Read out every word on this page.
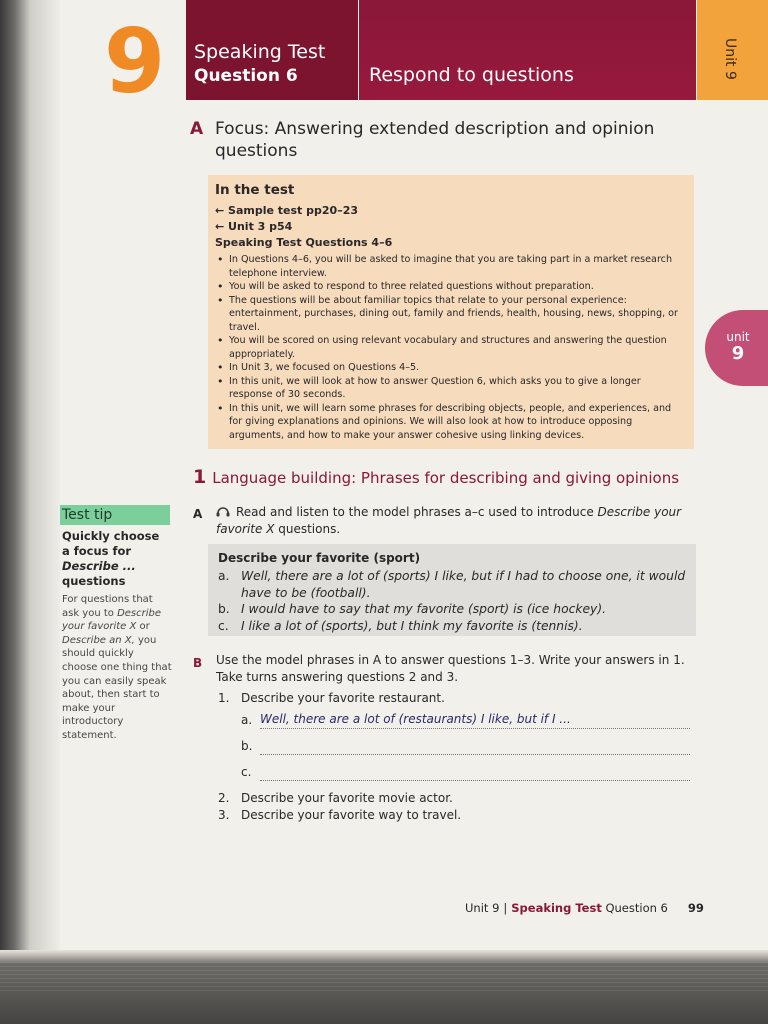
9 Speaking Test
Question 6	Respond to questions	Unit 9
unit
9
A Focus: Answering extended description and opinion questions
In the test
← Sample test pp20–23
← Unit 3 p54
Speaking Test Questions 4–6
• In Questions 4–6, you will be asked to imagine that you are taking part in a market research telephone interview.
• You will be asked to respond to three related questions without preparation.
• The questions will be about familiar topics that relate to your personal experience: entertainment, purchases, dining out, family and friends, health, housing, news, shopping, or travel.
• You will be scored on using relevant vocabulary and structures and answering the question appropriately.
• In Unit 3, we focused on Questions 4–5.
• In this unit, we will look at how to answer Question 6, which asks you to give a longer response of 30 seconds.
• In this unit, we will learn some phrases for describing objects, people, and experiences, and for giving explanations and opinions. We will also look at how to introduce opposing arguments, and how to make your answer cohesive using linking devices.
1 Language building: Phrases for describing and giving opinions
Test tip
Quickly choose
a focus for
Describe ...
questions
For questions that ask you to Describe your favorite X or Describe an X, you should quickly choose one thing that you can easily speak about, then start to make your introductory statement.
A	Read and listen to the model phrases a–c used to introduce Describe your favorite X questions.
Describe your favorite (sport)
a. Well, there are a lot of (sports) I like, but if I had to choose one, it would have to be (football).
b. I would have to say that my favorite (sport) is (ice hockey).
c. I like a lot of (sports), but I think my favorite is (tennis).
B Use the model phrases in A to answer questions 1–3. Write your answers in 1. Take turns answering questions 2 and 3.
1. Describe your favorite restaurant.
a. Well, there are a lot of (restaurants) I like, but if I ...
b.
c.
2. Describe your favorite movie actor.
3. Describe your favorite way to travel.
Unit 9 | Speaking Test Question 6 99
